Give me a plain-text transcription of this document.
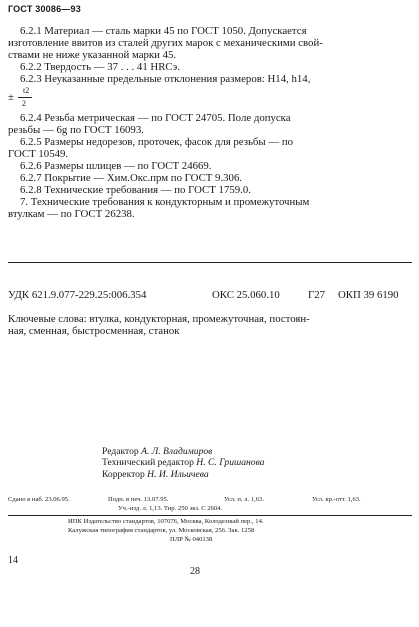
ГОСТ 30086—93
6.2.1 Материал — сталь марки 45 по ГОСТ 1050. Допускается
изготовление ввитов из сталей других марок с механическими свой-
ствами не ниже указанной марки 45.
6.2.2 Твердость — 37 . . . 41 HRCэ.
6.2.3 Неуказанные предельные отклонения размеров: H14, h14,
±
t2
2
6.2.4 Резьба метрическая — по ГОСТ 24705. Поле допуска
резьбы — 6g по ГОСТ 16093.
6.2.5 Размеры недорезов, проточек, фасок для резьбы — по
ГОСТ 10549.
6.2.6 Размеры шлицев — по ГОСТ 24669.
6.2.7 Покрытие — Хим.Окс.прм по ГОСТ 9.306.
6.2.8 Технические требования — по ГОСТ 1759.0.
7. Технические требования к кондукторным и промежуточным
втулкам — по ГОСТ 26238.
УДК 621.9.077-229.25:006.354	ОКС 25.060.10	Г27 ОКП 39 6190
Ключевые слова: втулка, кондукторная, промежуточная, постоян-
ная, сменная, быстросменная, станок
Редактор А. Л. Владимиров
Технический редактор Н. С. Гришанова
Корректор Н. И. Ильичева
Сдано в наб. 23.06.95.	Подп. в печ. 13.07.95.	Усл. п. л. 1,63.	Усл. кр.-отт. 1,63.
Уч.-изд. л. 1,13. Тир. 250 экз. С 2604.
ИПК Издательство стандартов, 107076, Москва, Колодезный пер., 14.
Калужская типография стандартов, ул. Московская, 256. Зак. 1258
ПЛР № 040138
14
28
